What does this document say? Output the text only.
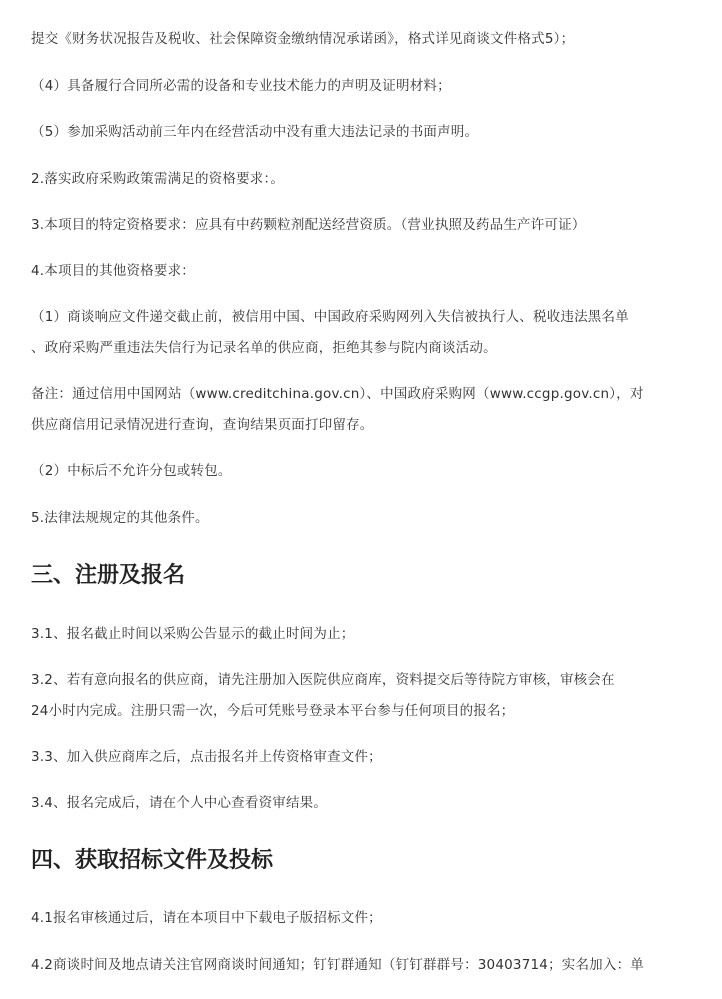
提交《财务状况报告及税收、社会保障资金缴纳情况承诺函》，格式详见商谈文件格式5）；
（4）具备履行合同所必需的设备和专业技术能力的声明及证明材料；
（5）参加采购活动前三年内在经营活动中没有重大违法记录的书面声明。
2.落实政府采购政策需满足的资格要求：。
3.本项目的特定资格要求：应具有中药颗粒剂配送经营资质。（营业执照及药品生产许可证）
4.本项目的其他资格要求：
（1）商谈响应文件递交截止前，被信用中国、中国政府采购网列入失信被执行人、税收违法黑名单
、政府采购严重违法失信行为记录名单的供应商，拒绝其参与院内商谈活动。
备注：通过信用中国网站（www.creditchina.gov.cn）、中国政府采购网（www.ccgp.gov.cn），对
供应商信用记录情况进行查询，查询结果页面打印留存。
（2）中标后不允许分包或转包。
5.法律法规规定的其他条件。
三、注册及报名
3.1、报名截止时间以采购公告显示的截止时间为止；
3.2、若有意向报名的供应商，请先注册加入医院供应商库，资料提交后等待院方审核，审核会在
24小时内完成。注册只需一次，今后可凭账号登录本平台参与任何项目的报名；
3.3、加入供应商库之后，点击报名并上传资格审查文件；
3.4、报名完成后，请在个人中心查看资审结果。
四、获取招标文件及投标
4.1报名审核通过后，请在本项目中下载电子版招标文件；
4.2商谈时间及地点请关注官网商谈时间通知；钉钉群通知（钉钉群群号：30403714；实名加入：单
